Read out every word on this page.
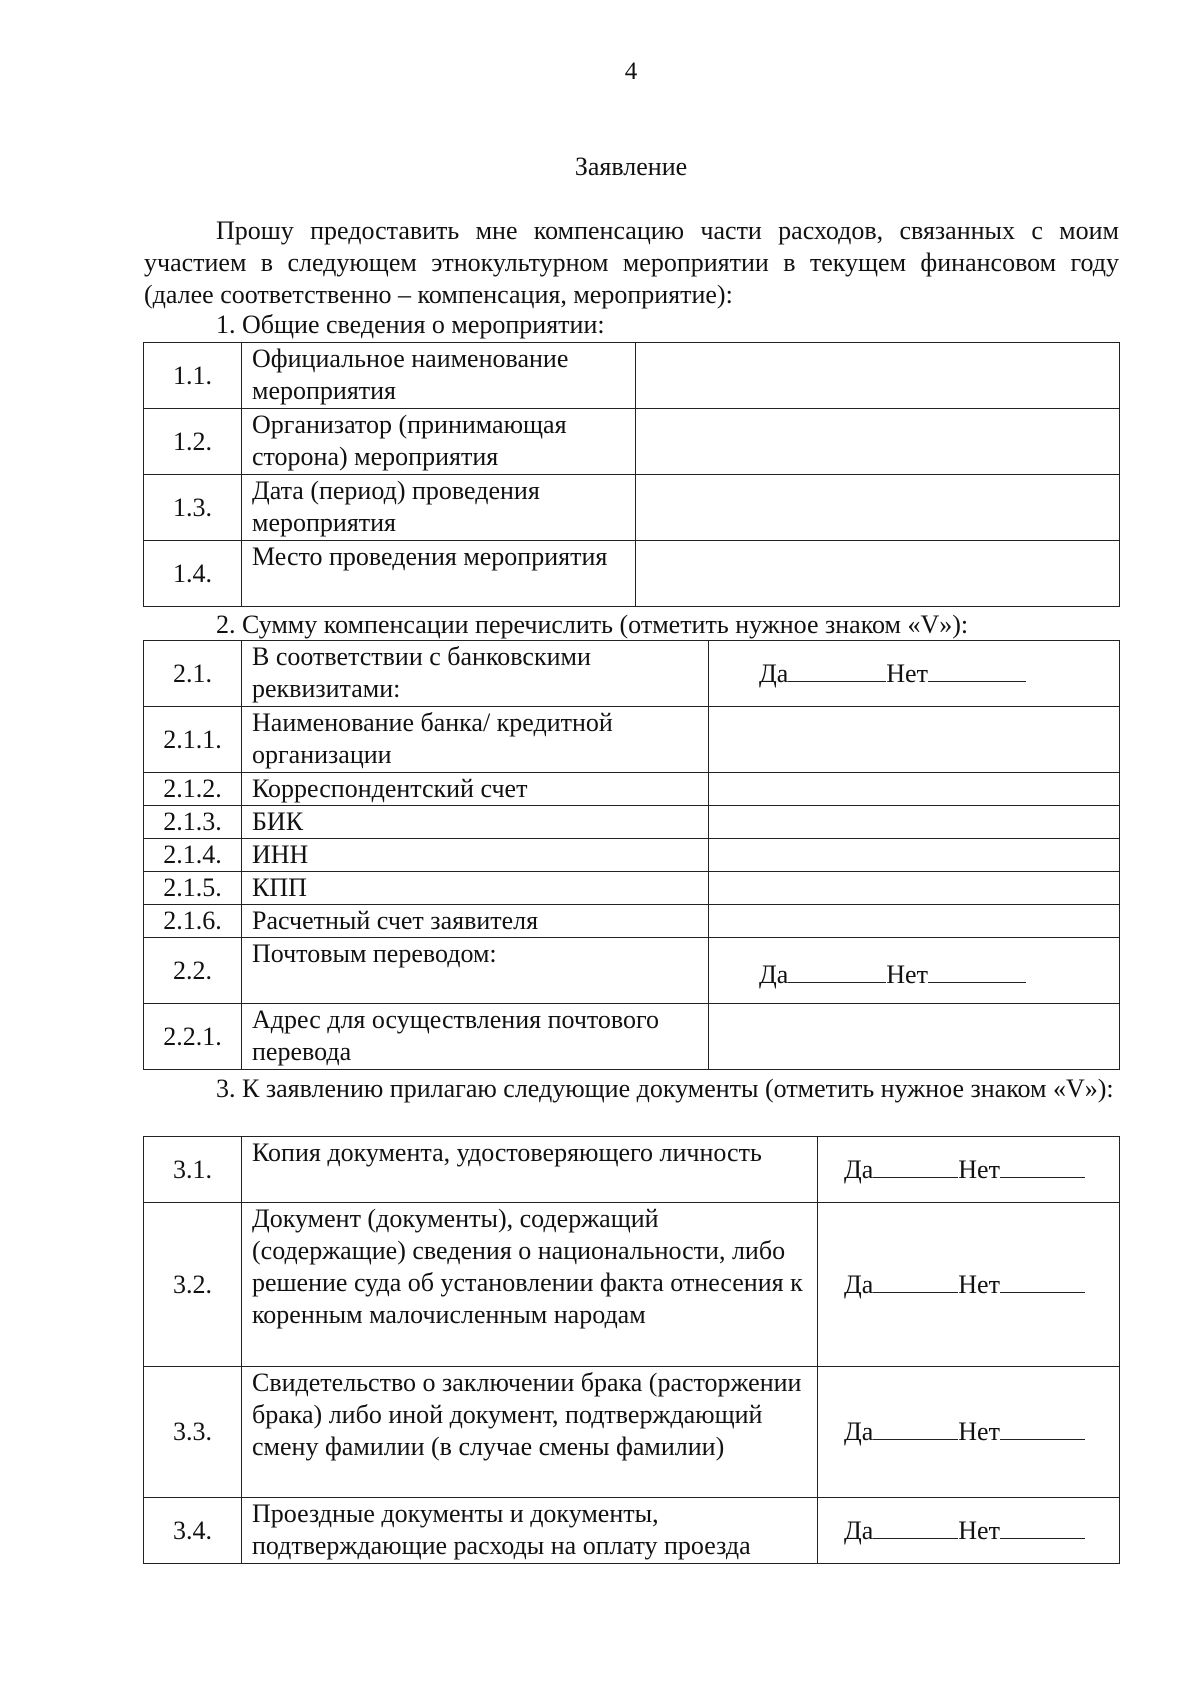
4
Заявление
Прошу предоставить мне компенсацию части расходов, связанных с моим участием в следующем этнокультурном мероприятии в текущем финансовом году (далее соответственно – компенсация, мероприятие):
1. Общие сведения о мероприятии:
1.1.	Официальное наименование мероприятия	
1.2.	Организатор (принимающая сторона) мероприятия	
1.3.	Дата (период) проведения мероприятия	
1.4.	Место проведения мероприятия	
2. Сумму компенсации перечислить (отметить нужное знаком «V»):
2.1.	В соответствии с банковскими реквизитами:	Да Нет

2.1.1.	Наименование банка/ кредитной организации	
2.1.2.	Корреспондентский счет	
2.1.3.	БИК	
2.1.4.	ИНН	
2.1.5.	КПП	
2.1.6.	Расчетный счет заявителя	
2.2.	Почтовым переводом:	Да Нет

2.2.1.	Адрес для осуществления почтового перевода	
3. К заявлению прилагаю следующие документы (отметить нужное знаком «V»):
3.1.	Копия документа, удостоверяющего личность	Да Нет

3.2.	Документ (документы), содержащий (содержащие) сведения о национальности, либо решение суда об установлении факта отнесения к коренным малочисленным народам	Да Нет

3.3.	Свидетельство о заключении брака (расторжении брака) либо иной документ, подтверждающий смену фамилии (в случае смены фамилии)	Да Нет

3.4.	Проездные документы и документы, подтверждающие расходы на оплату проезда	Да Нет
